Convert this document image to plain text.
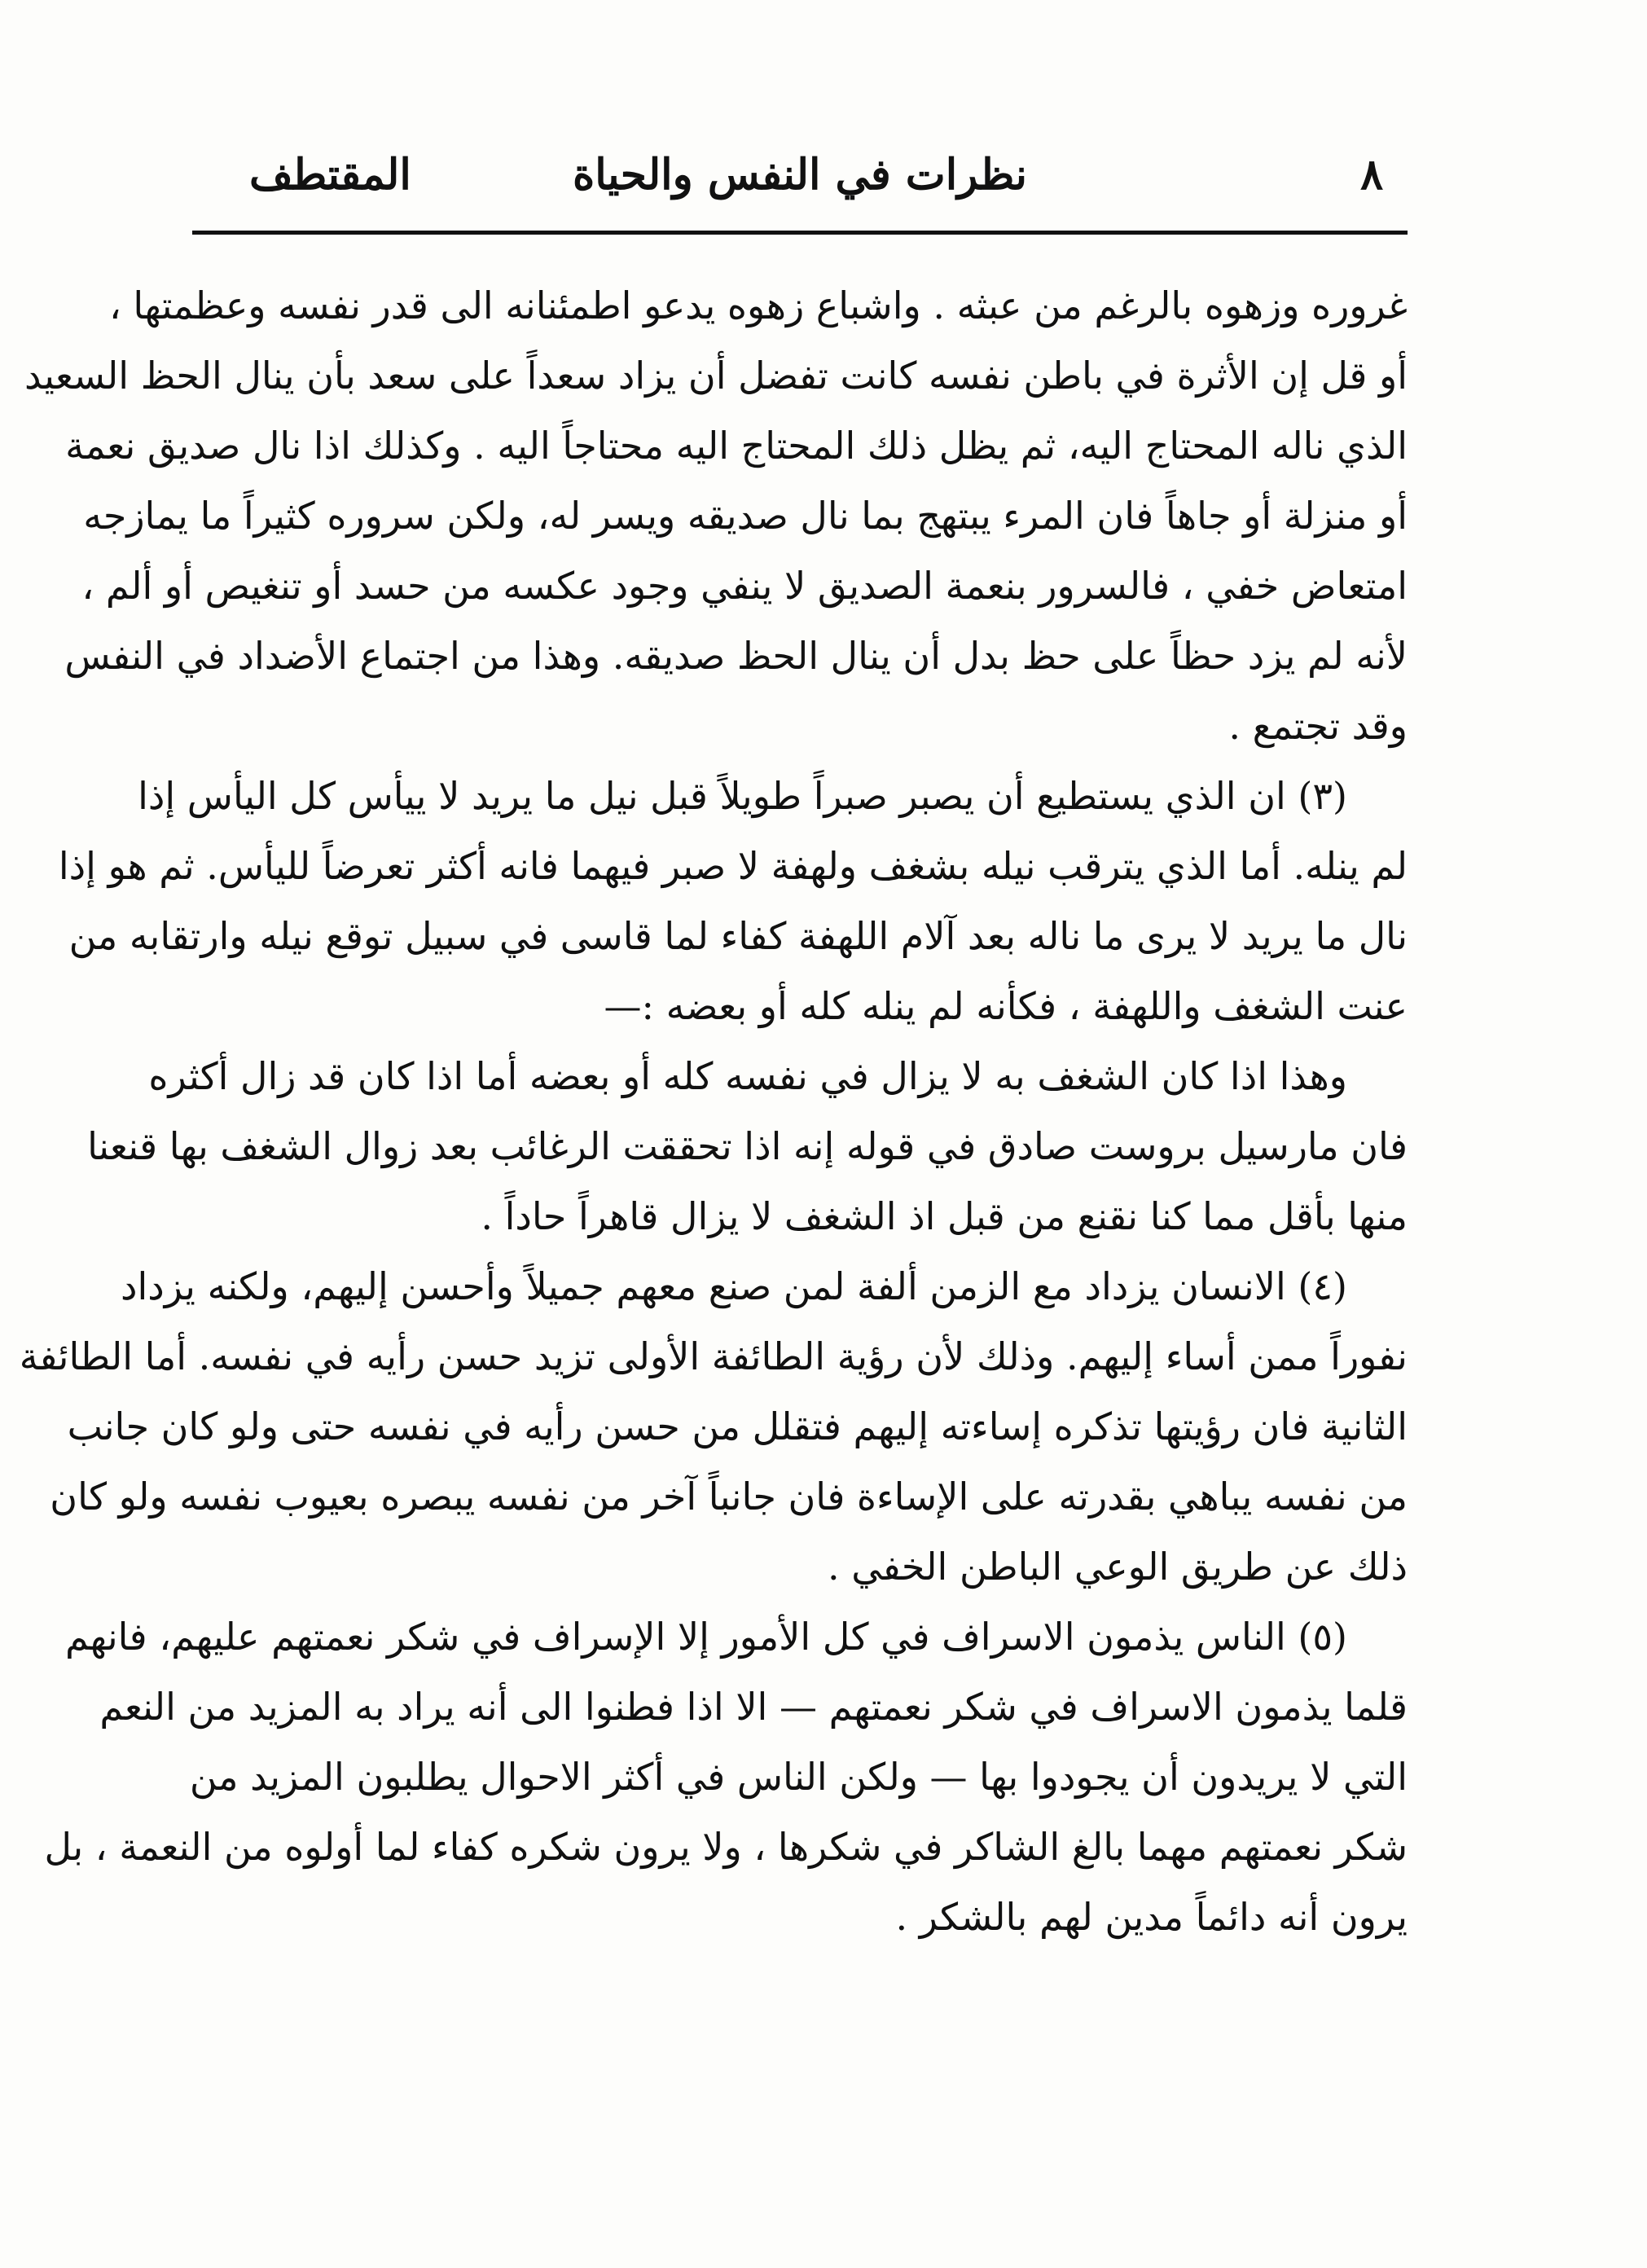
٨
نظرات في النفس والحياة
المقتطف
غروره وزهوه بالرغم من عبثه . واشباع زهوه يدعو اطمئنانه الى قدر نفسه وعظمتها ،
أو قل إن الأثرة في باطن نفسه كانت تفضل أن يزاد سعداً على سعد بأن ينال الحظ السعيد
الذي ناله المحتاج اليه، ثم يظل ذلك المحتاج اليه محتاجاً اليه . وكذلك اذا نال صديق نعمة
أو منزلة أو جاهاً فان المرء يبتهج بما نال صديقه ويسر له، ولكن سروره كثيراً ما يمازجه
امتعاض خفي ، فالسرور بنعمة الصديق لا ينفي وجود عكسه من حسد أو تنغيص أو ألم ،
لأنه لم يزد حظاً على حظ بدل أن ينال الحظ صديقه. وهذا من اجتماع الأضداد في النفس
وقد تجتمع .
(٣) ان الذي يستطيع أن يصبر صبراً طويلاً قبل نيل ما يريد لا ييأس كل اليأس إذا
لم ينله. أما الذي يترقب نيله بشغف ولهفة لا صبر فيهما فانه أكثر تعرضاً لليأس. ثم هو إذا
نال ما يريد لا يرى ما ناله بعد آلام اللهفة كفاء لما قاسى في سبيل توقع نيله وارتقابه من
عنت الشغف واللهفة ، فكأنه لم ينله كله أو بعضه :—
وهذا اذا كان الشغف به لا يزال في نفسه كله أو بعضه أما اذا كان قد زال أكثره
فان مارسيل بروست صادق في قوله إنه اذا تحققت الرغائب بعد زوال الشغف بها قنعنا
منها بأقل مما كنا نقنع من قبل اذ الشغف لا يزال قاهراً حاداً .
(٤) الانسان يزداد مع الزمن ألفة لمن صنع معهم جميلاً وأحسن إليهم، ولكنه يزداد
نفوراً ممن أساء إليهم. وذلك لأن رؤية الطائفة الأولى تزيد حسن رأيه في نفسه. أما الطائفة
الثانية فان رؤيتها تذكره إساءته إليهم فتقلل من حسن رأيه في نفسه حتى ولو كان جانب
من نفسه يباهي بقدرته على الإساءة فان جانباً آخر من نفسه يبصره بعيوب نفسه ولو كان
ذلك عن طريق الوعي الباطن الخفي .
(٥) الناس يذمون الاسراف في كل الأمور إلا الإسراف في شكر نعمتهم عليهم، فانهم
قلما يذمون الاسراف في شكر نعمتهم — الا اذا فطنوا الى أنه يراد به المزيد من النعم
التي لا يريدون أن يجودوا بها — ولكن الناس في أكثر الاحوال يطلبون المزيد من
شكر نعمتهم مهما بالغ الشاكر في شكرها ، ولا يرون شكره كفاء لما أولوه من النعمة ، بل
يرون أنه دائماً مدين لهم بالشكر .
